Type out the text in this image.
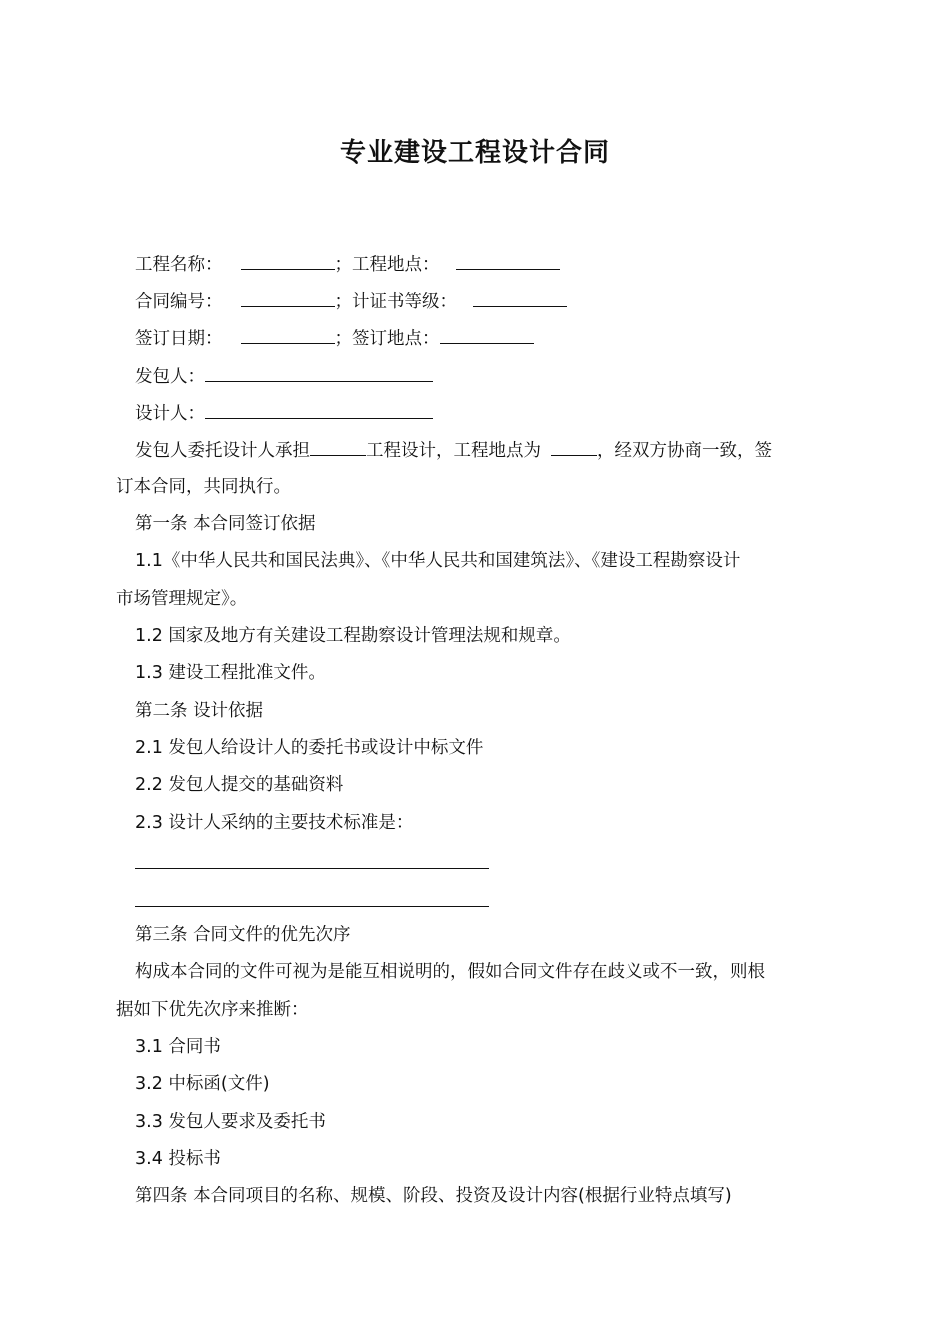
专业建设工程设计合同
工程名称：	；工程地点：
合同编号：	；计证书等级：
签订日期：	；签订地点：
发包人：
设计人：
发包人委托设计人承担	工程设计，工程地点为	，经双方协商一致，签
订本合同，共同执行。
第一条 本合同签订依据
1.1《中华人民共和国民法典》、《中华人民共和国建筑法》、《建设工程勘察设计
市场管理规定》。
1.2 国家及地方有关建设工程勘察设计管理法规和规章。
1.3 建设工程批准文件。
第二条 设计依据
2.1 发包人给设计人的委托书或设计中标文件
2.2 发包人提交的基础资料
2.3 设计人采纳的主要技术标准是：
第三条 合同文件的优先次序
构成本合同的文件可视为是能互相说明的，假如合同文件存在歧义或不一致，则根
据如下优先次序来推断：
3.1 合同书
3.2 中标函(文件)
3.3 发包人要求及委托书
3.4 投标书
第四条 本合同项目的名称、规模、阶段、投资及设计内容(根据行业特点填写)
